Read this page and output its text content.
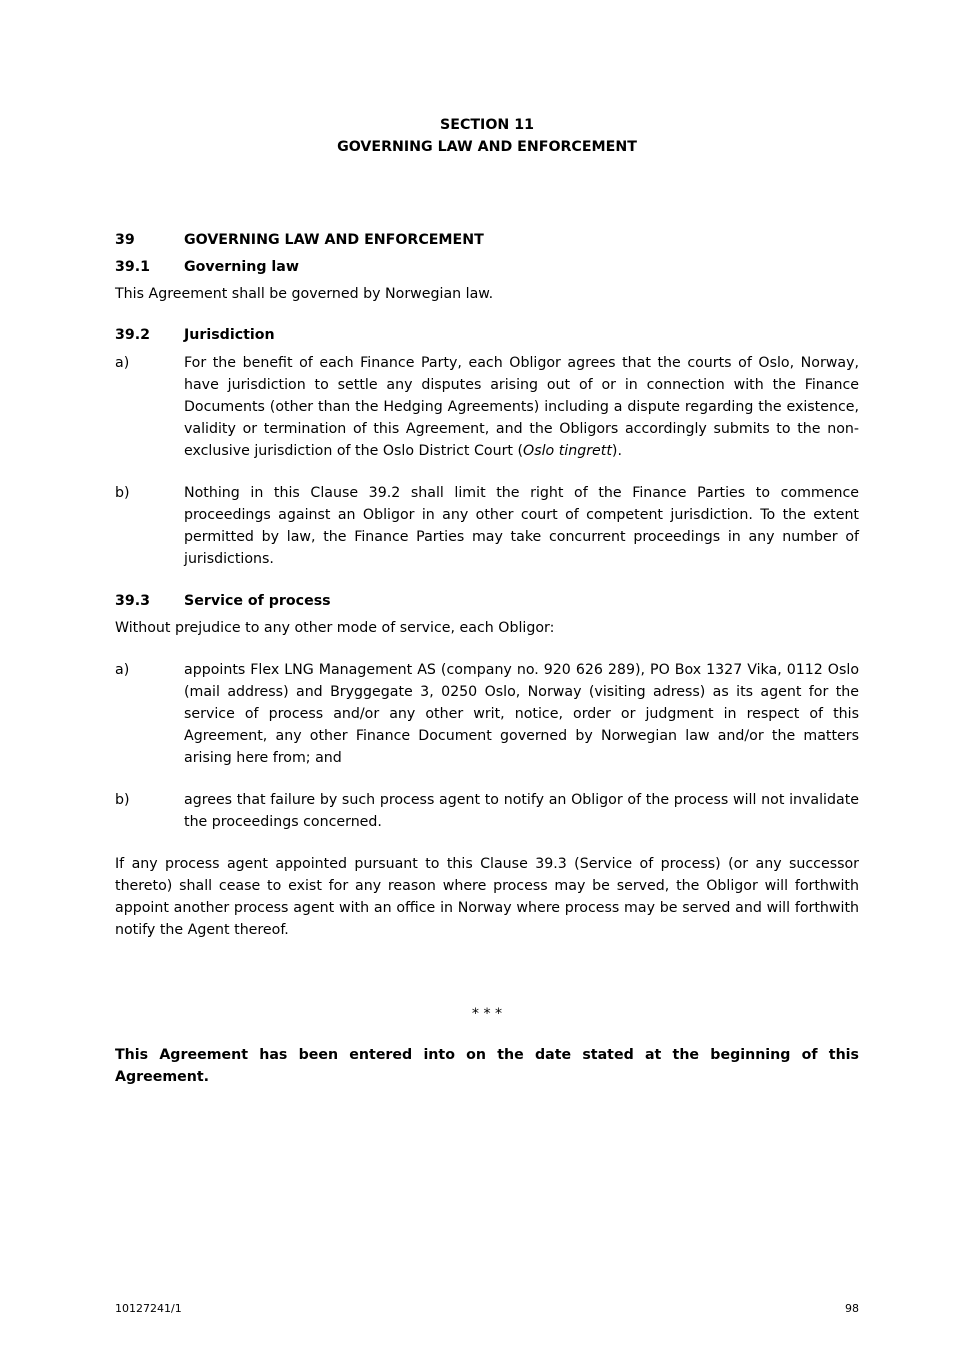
SECTION 11
GOVERNING LAW AND ENFORCEMENT
39	GOVERNING LAW AND ENFORCEMENT
39.1 Governing law
This Agreement shall be governed by Norwegian law.
39.2 Jurisdiction
a)	For the benefit of each Finance Party, each Obligor agrees that the courts of Oslo, Norway, have jurisdiction to settle any disputes arising out of or in connection with the Finance Documents (other than the Hedging Agreements) including a dispute regarding the existence, validity or termination of this Agreement, and the Obligors accordingly submits to the non-exclusive jurisdiction of the Oslo District Court (Oslo tingrett).
b)	Nothing in this Clause 39.2 shall limit the right of the Finance Parties to commence proceedings against an Obligor in any other court of competent jurisdiction. To the extent permitted by law, the Finance Parties may take concurrent proceedings in any number of jurisdictions.
39.3 Service of process
Without prejudice to any other mode of service, each Obligor:
a)	appoints Flex LNG Management AS (company no. 920 626 289), PO Box 1327 Vika, 0112 Oslo (mail address) and Bryggegate 3, 0250 Oslo, Norway (visiting adress) as its agent for the service of process and/or any other writ, notice, order or judgment in respect of this Agreement, any other Finance Document governed by Norwegian law and/or the matters arising here from; and
b)	agrees that failure by such process agent to notify an Obligor of the process will not invalidate the proceedings concerned.
If any process agent appointed pursuant to this Clause 39.3 (Service of process) (or any successor thereto) shall cease to exist for any reason where process may be served, the Obligor will forthwith appoint another process agent with an office in Norway where process may be served and will forthwith notify the Agent thereof.
* * *
This Agreement has been entered into on the date stated at the beginning of this Agreement.
10127241/1	98
